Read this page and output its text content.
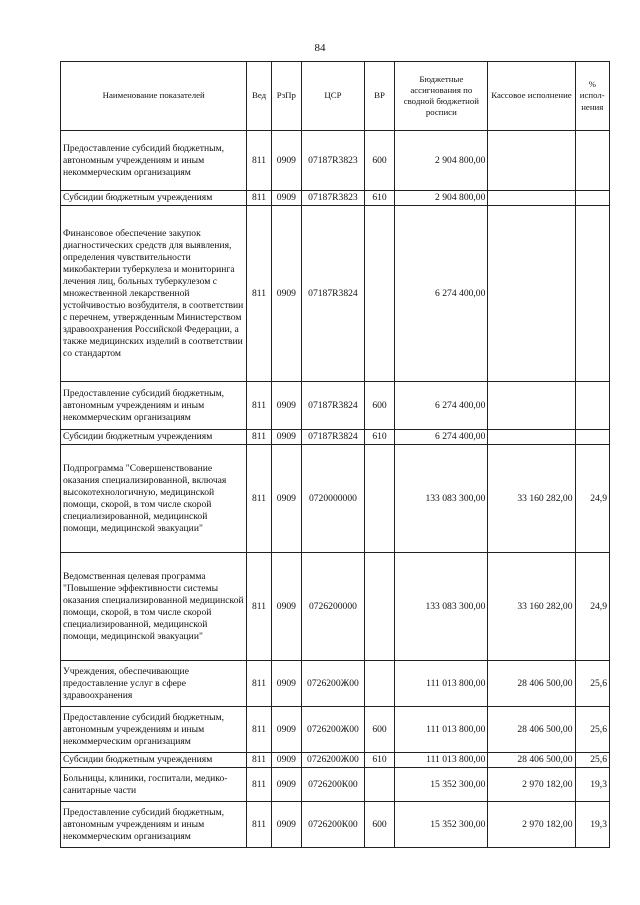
84
Наименование показателей	Вед	РзПр	ЦСР	ВР	Бюджетные ассигнования по сводной бюджетной росписи	Кассовое исполнение	% испол-нения
Предоставление субсидий бюджетным, автономным учреждениям и иным некоммерческим организациям	811	0909	07187R3823	600	2 904 800,00		
Субсидии бюджетным учреждениям	811	0909	07187R3823	610	2 904 800,00		
Финансовое обеспечение закупок диагностических средств для выявления, определения чувствительности микобактерии туберкулеза и мониторинга лечения лиц, больных туберкулезом с множественной лекарственной устойчивостью возбудителя, в соответствии с перечнем, утвержденным Министерством здравоохранения Российской Федерации, а также медицинских изделий в соответствии со стандартом	811	0909	07187R3824		6 274 400,00		
Предоставление субсидий бюджетным, автономным учреждениям и иным некоммерческим организациям	811	0909	07187R3824	600	6 274 400,00		
Субсидии бюджетным учреждениям	811	0909	07187R3824	610	6 274 400,00		
Подпрограмма "Совершенствование оказания специализированной, включая высокотехнологичную, медицинской помощи, скорой, в том числе скорой специализированной, медицинской помощи, медицинской эвакуации"	811	0909	0720000000		133 083 300,00	33 160 282,00	24,9
Ведомственная целевая программа "Повышение эффективности системы оказания специализированной медицинской помощи, скорой, в том числе скорой специализированной, медицинской помощи, медицинской эвакуации"	811	0909	0726200000		133 083 300,00	33 160 282,00	24,9
Учреждения, обеспечивающие предоставление услуг в сфере здравоохранения	811	0909	0726200Ж00		111 013 800,00	28 406 500,00	25,6
Предоставление субсидий бюджетным, автономным учреждениям и иным некоммерческим организациям	811	0909	0726200Ж00	600	111 013 800,00	28 406 500,00	25,6
Субсидии бюджетным учреждениям	811	0909	0726200Ж00	610	111 013 800,00	28 406 500,00	25,6
Больницы, клиники, госпитали, медико-санитарные части	811	0909	0726200К00		15 352 300,00	2 970 182,00	19,3
Предоставление субсидий бюджетным, автономным учреждениям и иным некоммерческим организациям	811	0909	0726200К00	600	15 352 300,00	2 970 182,00	19,3
